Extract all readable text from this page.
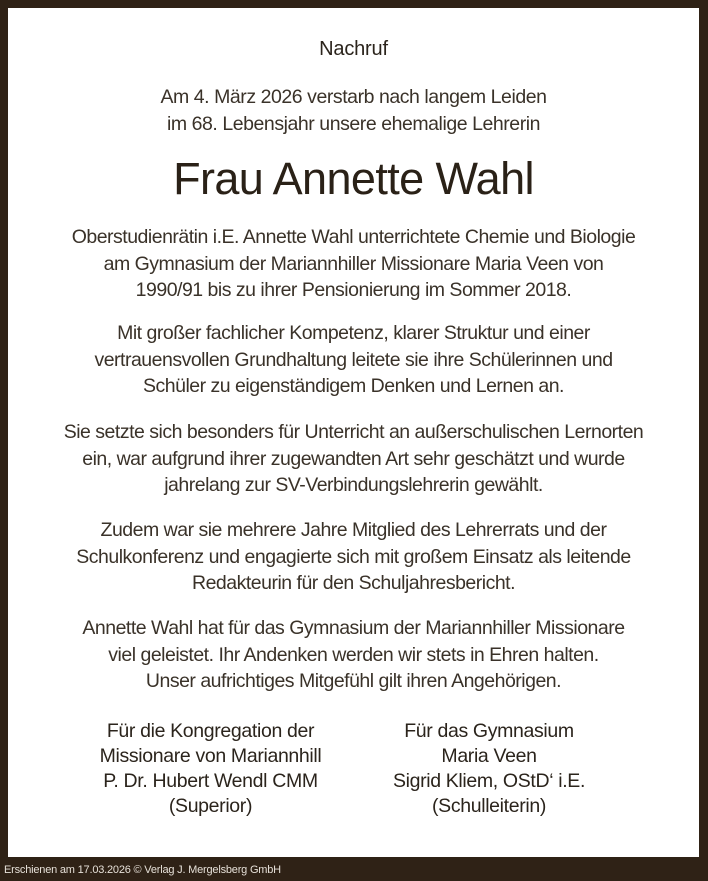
Nachruf
Am 4. März 2026 verstarb nach langem Leiden
im 68. Lebensjahr unsere ehemalige Lehrerin
Frau Annette Wahl
Oberstudienrätin i.E. Annette Wahl unterrichtete Chemie und Biologie
am Gymnasium der Mariannhiller Missionare Maria Veen von
1990/91 bis zu ihrer Pensionierung im Sommer 2018.
Mit großer fachlicher Kompetenz, klarer Struktur und einer
vertrauensvollen Grundhaltung leitete sie ihre Schülerinnen und
Schüler zu eigenständigem Denken und Lernen an.
Sie setzte sich besonders für Unterricht an außerschulischen Lernorten
ein, war aufgrund ihrer zugewandten Art sehr geschätzt und wurde
jahrelang zur SV-Verbindungslehrerin gewählt.
Zudem war sie mehrere Jahre Mitglied des Lehrerrats und der
Schulkonferenz und engagierte sich mit großem Einsatz als leitende
Redakteurin für den Schuljahresbericht.
Annette Wahl hat für das Gymnasium der Mariannhiller Missionare
viel geleistet. Ihr Andenken werden wir stets in Ehren halten.
Unser aufrichtiges Mitgefühl gilt ihren Angehörigen.
Für die Kongregation der
Missionare von Mariannhill
P. Dr. Hubert Wendl CMM
(Superior)
Für das Gymnasium
Maria Veen
Sigrid Kliem, OStD‘ i.E.
(Schulleiterin)
Erschienen am 17.03.2026 © Verlag J. Mergelsberg GmbH
